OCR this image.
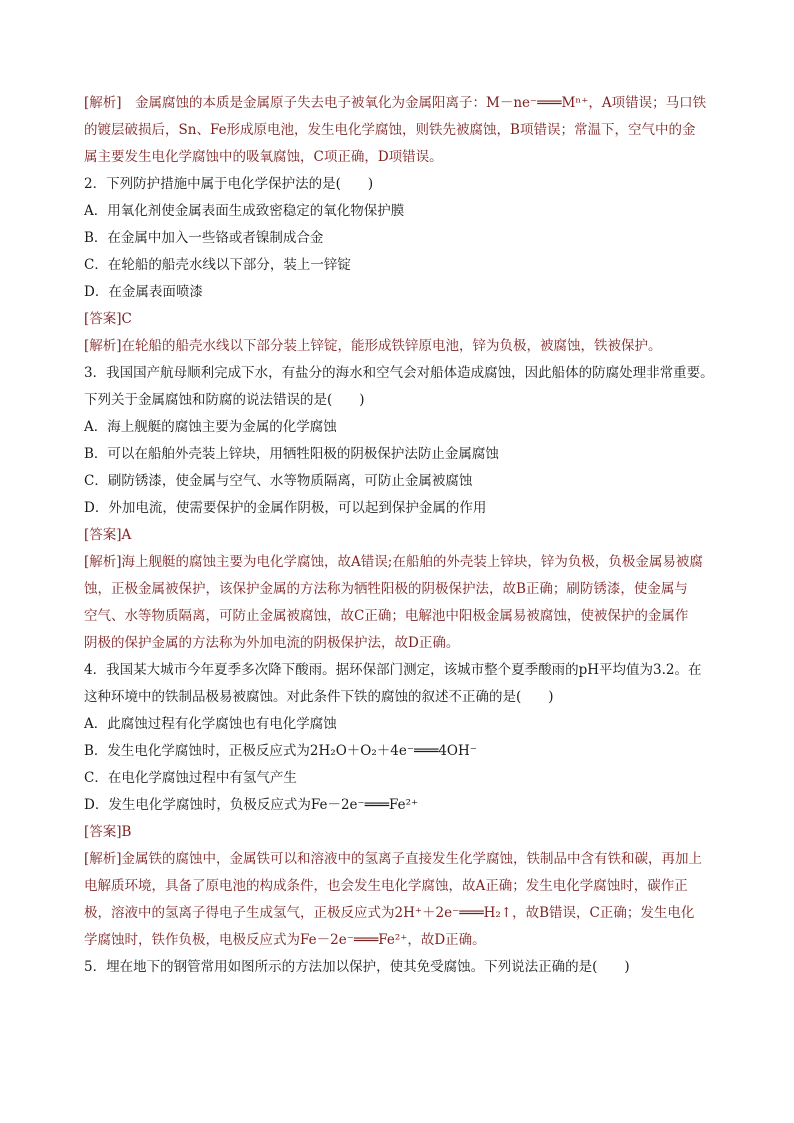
[解析]　金属腐蚀的本质是金属原子失去电子被氧化为金属阳离子：M－ne⁻═══Mⁿ⁺，A项错误；马口铁
的镀层破损后，Sn、Fe形成原电池，发生电化学腐蚀，则铁先被腐蚀，B项错误；常温下，空气中的金
属主要发生电化学腐蚀中的吸氧腐蚀，C项正确，D项错误。
2．下列防护措施中属于电化学保护法的是(　　)
A．用氧化剂使金属表面生成致密稳定的氧化物保护膜
B．在金属中加入一些铬或者镍制成合金
C．在轮船的船壳水线以下部分，装上一锌锭
D．在金属表面喷漆
[答案]C
[解析]在轮船的船壳水线以下部分装上锌锭，能形成铁锌原电池，锌为负极，被腐蚀，铁被保护。
3．我国国产航母顺利完成下水，有盐分的海水和空气会对船体造成腐蚀，因此船体的防腐处理非常重要。
下列关于金属腐蚀和防腐的说法错误的是(　　)
A．海上舰艇的腐蚀主要为金属的化学腐蚀
B．可以在船舶外壳装上锌块，用牺牲阳极的阴极保护法防止金属腐蚀
C．刷防锈漆，使金属与空气、水等物质隔离，可防止金属被腐蚀
D．外加电流，使需要保护的金属作阴极，可以起到保护金属的作用
[答案]A
[解析]海上舰艇的腐蚀主要为电化学腐蚀，故A错误;在船舶的外壳装上锌块，锌为负极，负极金属易被腐
蚀，正极金属被保护，该保护金属的方法称为牺牲阳极的阴极保护法，故B正确；刷防锈漆，使金属与
空气、水等物质隔离，可防止金属被腐蚀，故C正确；电解池中阳极金属易被腐蚀，使被保护的金属作
阴极的保护金属的方法称为外加电流的阴极保护法，故D正确。
4．我国某大城市今年夏季多次降下酸雨。据环保部门测定，该城市整个夏季酸雨的pH平均值为3.2。在
这种环境中的铁制品极易被腐蚀。对此条件下铁的腐蚀的叙述不正确的是(　　)
A．此腐蚀过程有化学腐蚀也有电化学腐蚀
B．发生电化学腐蚀时，正极反应式为2H₂O＋O₂＋4e⁻═══4OH⁻
C．在电化学腐蚀过程中有氢气产生
D．发生电化学腐蚀时，负极反应式为Fe－2e⁻═══Fe²⁺
[答案]B
[解析]金属铁的腐蚀中，金属铁可以和溶液中的氢离子直接发生化学腐蚀，铁制品中含有铁和碳，再加上
电解质环境，具备了原电池的构成条件，也会发生电化学腐蚀，故A正确；发生电化学腐蚀时，碳作正
极，溶液中的氢离子得电子生成氢气，正极反应式为2H⁺＋2e⁻═══H₂↑，故B错误，C正确；发生电化
学腐蚀时，铁作负极，电极反应式为Fe－2e⁻═══Fe²⁺，故D正确。
5．埋在地下的钢管常用如图所示的方法加以保护，使其免受腐蚀。下列说法正确的是(　　)
